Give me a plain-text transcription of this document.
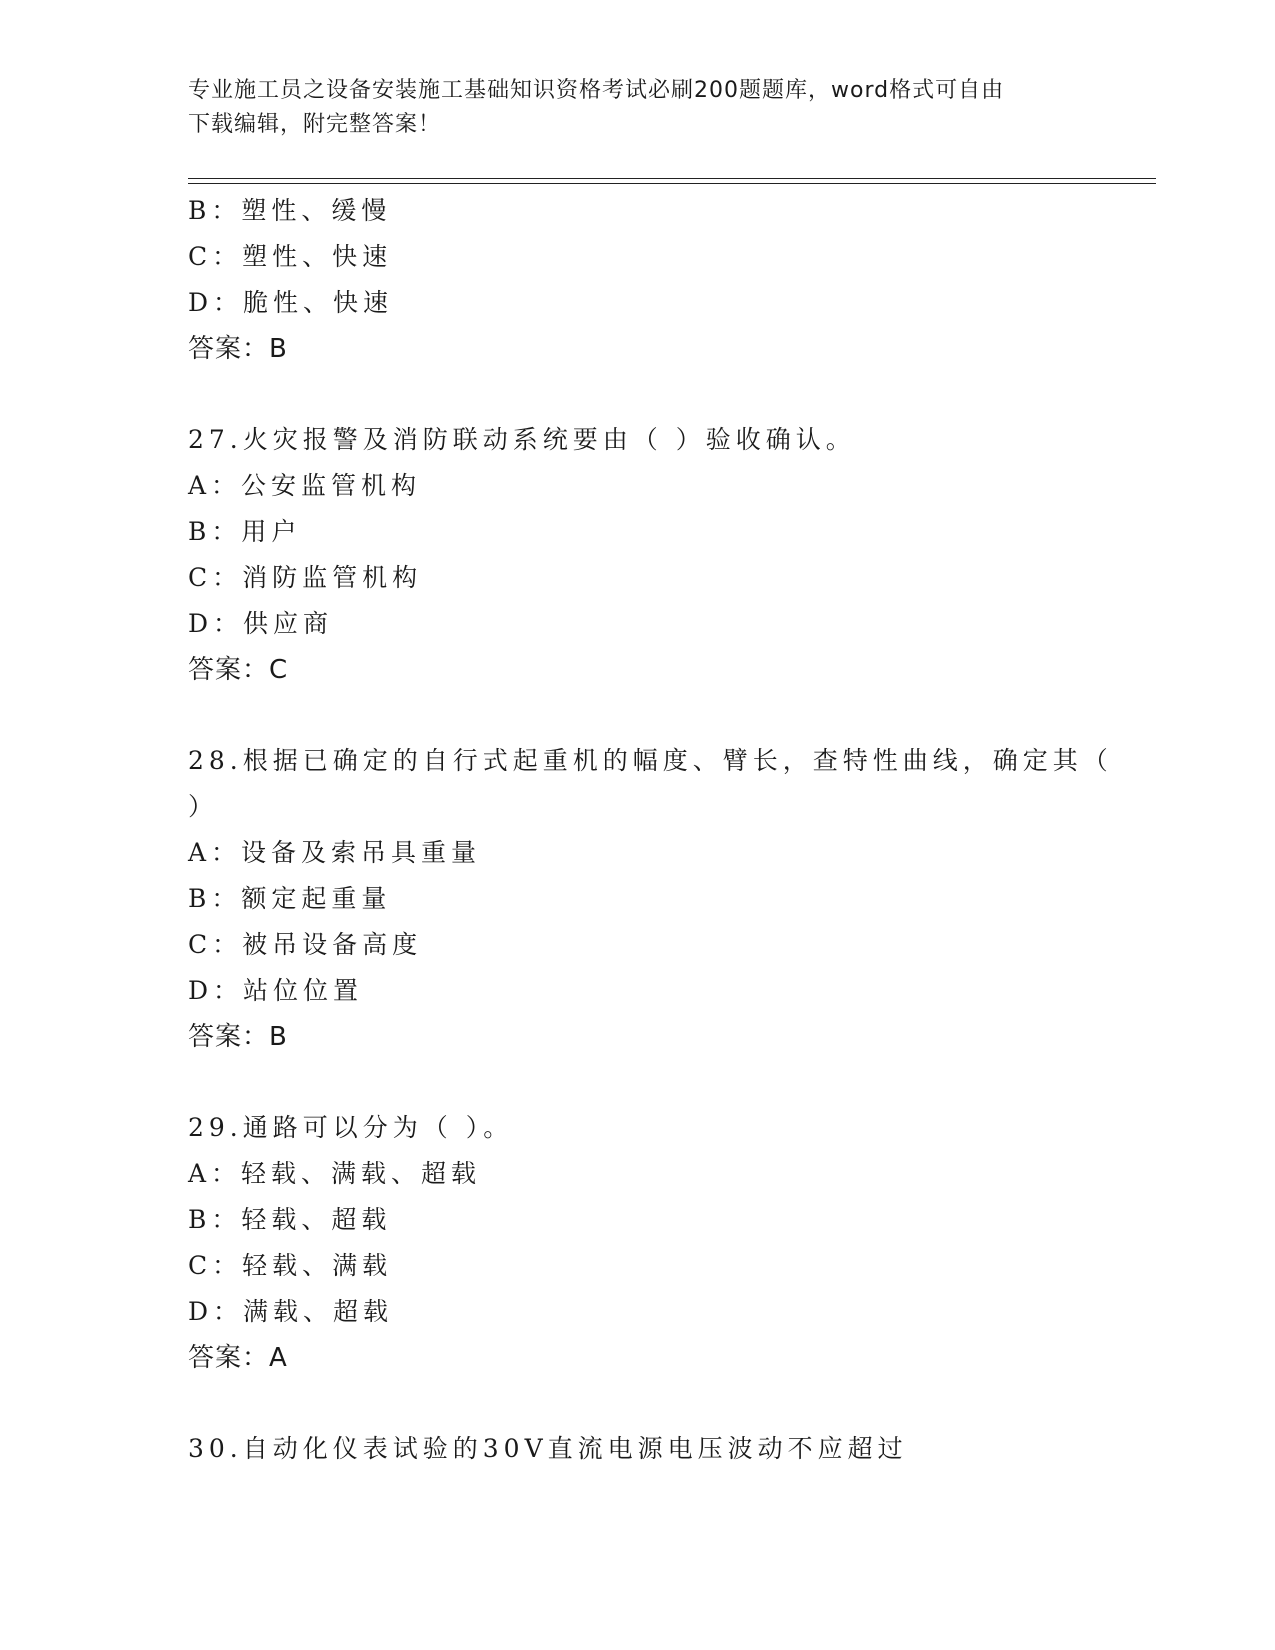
专业施工员之设备安装施工基础知识资格考试必刷200题题库，word格式可自由
下载编辑，附完整答案！
B：塑性、缓慢
C：塑性、快速
D：脆性、快速
答案：B
27.火灾报警及消防联动系统要由（ ）验收确认。
A：公安监管机构
B：用户
C：消防监管机构
D：供应商
答案：C
28.根据已确定的自行式起重机的幅度、臂长，查特性曲线，确定其（
）
A：设备及索吊具重量
B：额定起重量
C：被吊设备高度
D：站位位置
答案：B
29.通路可以分为（ ）。
A：轻载、满载、超载
B：轻载、超载
C：轻载、满载
D：满载、超载
答案：A
30.自动化仪表试验的30V直流电源电压波动不应超过
